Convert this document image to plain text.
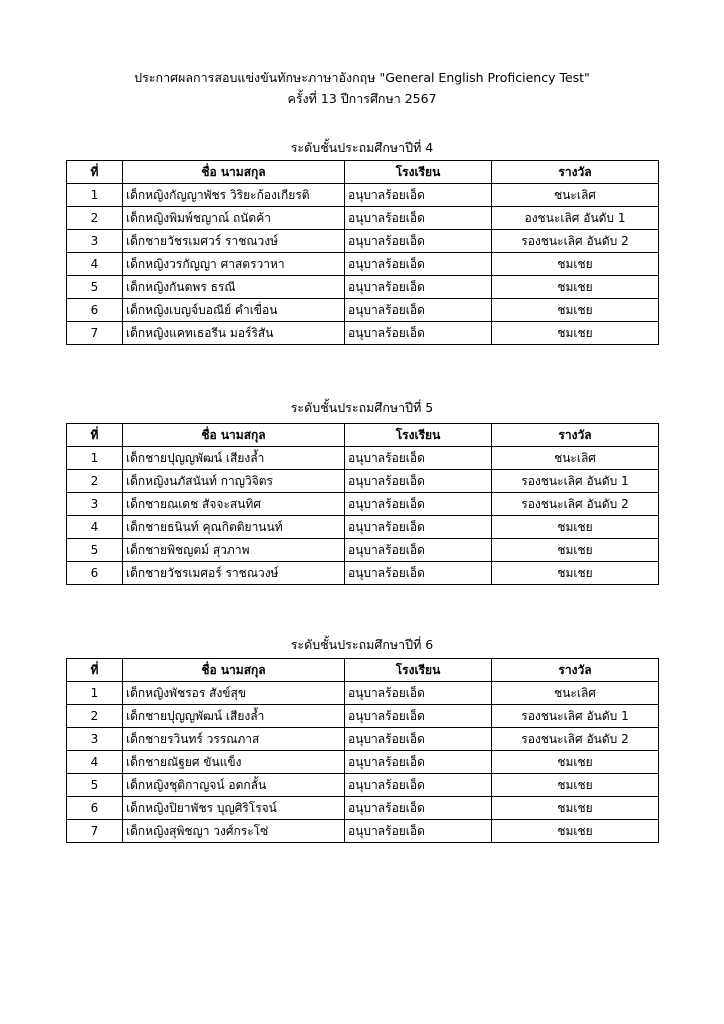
ประกาศผลการสอบแข่งขันทักษะภาษาอังกฤษ "General English Proficiency Test"
ครั้งที่ 13 ปีการศึกษา 2567
ระดับชั้นประถมศึกษาปีที่ 4
ที่	ชื่อ นามสกุล	โรงเรียน	รางวัล
1	เด็กหญิงกัญญาพัชร วิริยะก้องเกียรติ	อนุบาลร้อยเอ็ด	ชนะเลิศ
2	เด็กหญิงพิมพ์ชญาณ์ ถนัดค้า	อนุบาลร้อยเอ็ด	องชนะเลิศ อันดับ 1
3	เด็กชายวัชรเมศวร์ ราชณวงษ์	อนุบาลร้อยเอ็ด	รองชนะเลิศ อันดับ 2
4	เด็กหญิงวรกัญญา ศาสตรวาหา	อนุบาลร้อยเอ็ด	ชมเชย
5	เด็กหญิงกันตพร ธรณี	อนุบาลร้อยเอ็ด	ชมเชย
6	เด็กหญิงเบญจ์บอณีย์ คำเขื่อน	อนุบาลร้อยเอ็ด	ชมเชย
7	เด็กหญิงแคทเธอรีน มอร์ริสัน	อนุบาลร้อยเอ็ด	ชมเชย
ระดับชั้นประถมศึกษาปีที่ 5
ที่	ชื่อ นามสกุล	โรงเรียน	รางวัล
1	เด็กชายปุญญพัฒน์ เสียงล้ำ	อนุบาลร้อยเอ็ด	ชนะเลิศ
2	เด็กหญิงนภัสนันท์ กาญวิจิตร	อนุบาลร้อยเอ็ด	รองชนะเลิศ อันดับ 1
3	เด็กชายณเดช สัจจะสนทิศ	อนุบาลร้อยเอ็ด	รองชนะเลิศ อันดับ 2
4	เด็กชายธนินท์ คุณกิตติยานนท์	อนุบาลร้อยเอ็ด	ชมเชย
5	เด็กชายพิชญตม์ สุวภาพ	อนุบาลร้อยเอ็ด	ชมเชย
6	เด็กชายวัชรเมศอร์ ราชณวงษ์	อนุบาลร้อยเอ็ด	ชมเชย
ระดับชั้นประถมศึกษาปีที่ 6
ที่	ชื่อ นามสกุล	โรงเรียน	รางวัล
1	เด็กหญิงพัชรอร สังข์สุข	อนุบาลร้อยเอ็ด	ชนะเลิศ
2	เด็กชายปุญญพัฒน์ เสียงล้ำ	อนุบาลร้อยเอ็ด	รองชนะเลิศ อันดับ 1
3	เด็กชายรวินทร์ วรรณภาส	อนุบาลร้อยเอ็ด	รองชนะเลิศ อันดับ 2
4	เด็กชายณัฐยศ ขันแข็ง	อนุบาลร้อยเอ็ด	ชมเชย
5	เด็กหญิงชุติกาญจน์ อดกลั้น	อนุบาลร้อยเอ็ด	ชมเชย
6	เด็กหญิงปิยาพัชร บุญศิริโรจน์	อนุบาลร้อยเอ็ด	ชมเชย
7	เด็กหญิงสุพิชญา วงศ์กระโซ่	อนุบาลร้อยเอ็ด	ชมเชย
